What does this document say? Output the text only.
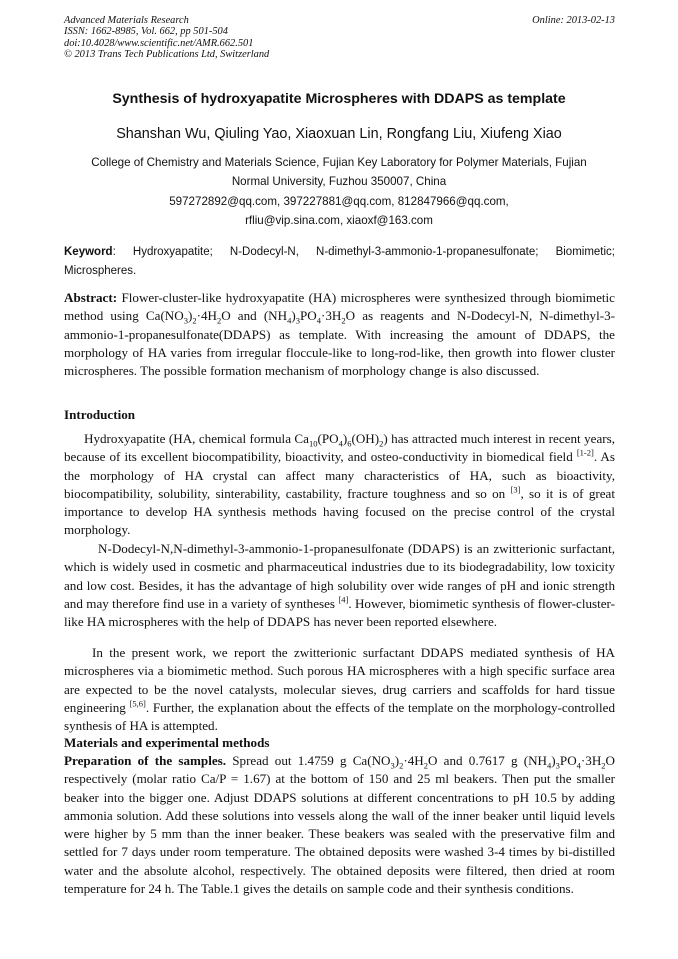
Advanced Materials Research
ISSN: 1662-8985, Vol. 662, pp 501-504
doi:10.4028/www.scientific.net/AMR.662.501
© 2013 Trans Tech Publications Ltd, Switzerland
Online: 2013-02-13
Synthesis of hydroxyapatite Microspheres with DDAPS as template
Shanshan Wu, Qiuling Yao, Xiaoxuan Lin, Rongfang Liu, Xiufeng Xiao
College of Chemistry and Materials Science, Fujian Key Laboratory for Polymer Materials, Fujian
Normal University, Fuzhou 350007, China
597272892@qq.com, 397227881@qq.com, 812847966@qq.com,
rfliu@vip.sina.com, xiaoxf@163.com
Keyword: Hydroxyapatite; N-Dodecyl-N, N-dimethyl-3-ammonio-1-propanesulfonate; Biomimetic; Microspheres.
Abstract: Flower-cluster-like hydroxyapatite (HA) microspheres were synthesized through biomimetic method using $Ca(NO_3)_2\cdot 4H_2O$ and $(NH_4)_3PO_4\cdot 3H_2O$ as reagents and N-Dodecyl-N, N-dimethyl-3-ammonio-1-propanesulfonate(DDAPS) as template. With increasing the amount of DDAPS, the morphology of HA varies from irregular floccule-like to long-rod-like, then growth into flower cluster microspheres. The possible formation mechanism of morphology change is also discussed.
Introduction
Hydroxyapatite (HA, chemical formula $Ca_{10}(PO_4)_6(OH)_2$) has attracted much interest in recent years, because of its excellent biocompatibility, bioactivity, and osteo-conductivity in biomedical field [1-2]. As the morphology of HA crystal can affect many characteristics of HA, such as bioactivity, biocompatibility, solubility, sinterability, castability, fracture toughness and so on [3], so it is of great importance to develop HA synthesis methods having focused on the precise control of the crystal morphology.
N-Dodecyl-N,N-dimethyl-3-ammonio-1-propanesulfonate (DDAPS) is an zwitterionic surfactant, which is widely used in cosmetic and pharmaceutical industries due to its biodegradability, low toxicity and low cost. Besides, it has the advantage of high solubility over wide ranges of pH and ionic strength and may therefore find use in a variety of syntheses [4]. However, biomimetic synthesis of flower-cluster-like HA microspheres with the help of DDAPS has never been reported elsewhere.
In the present work, we report the zwitterionic surfactant DDAPS mediated synthesis of HA microspheres via a biomimetic method. Such porous HA microspheres with a high specific surface area are expected to be the novel catalysts, molecular sieves, drug carriers and scaffolds for hard tissue engineering [5,6]. Further, the explanation about the effects of the template on the morphology-controlled synthesis of HA is attempted.
Materials and experimental methods
Preparation of the samples. Spread out 1.4759 g $Ca(NO_3)_2\cdot 4H_2O$ and 0.7617 g $(NH_4)_3PO_4\cdot 3H_2O$ respectively (molar ratio Ca/P = 1.67) at the bottom of 150 and 25 ml beakers. Then put the smaller beaker into the bigger one. Adjust DDAPS solutions at different concentrations to pH 10.5 by adding ammonia solution. Add these solutions into vessels along the wall of the inner beaker until liquid levels were higher by 5 mm than the inner beaker. These beakers was sealed with the preservative film and settled for 7 days under room temperature. The obtained deposits were washed 3-4 times by bi-distilled water and the absolute alcohol, respectively. The obtained deposits were filtered, then dried at room temperature for 24 h. The Table.1 gives the details on sample code and their synthesis conditions.
